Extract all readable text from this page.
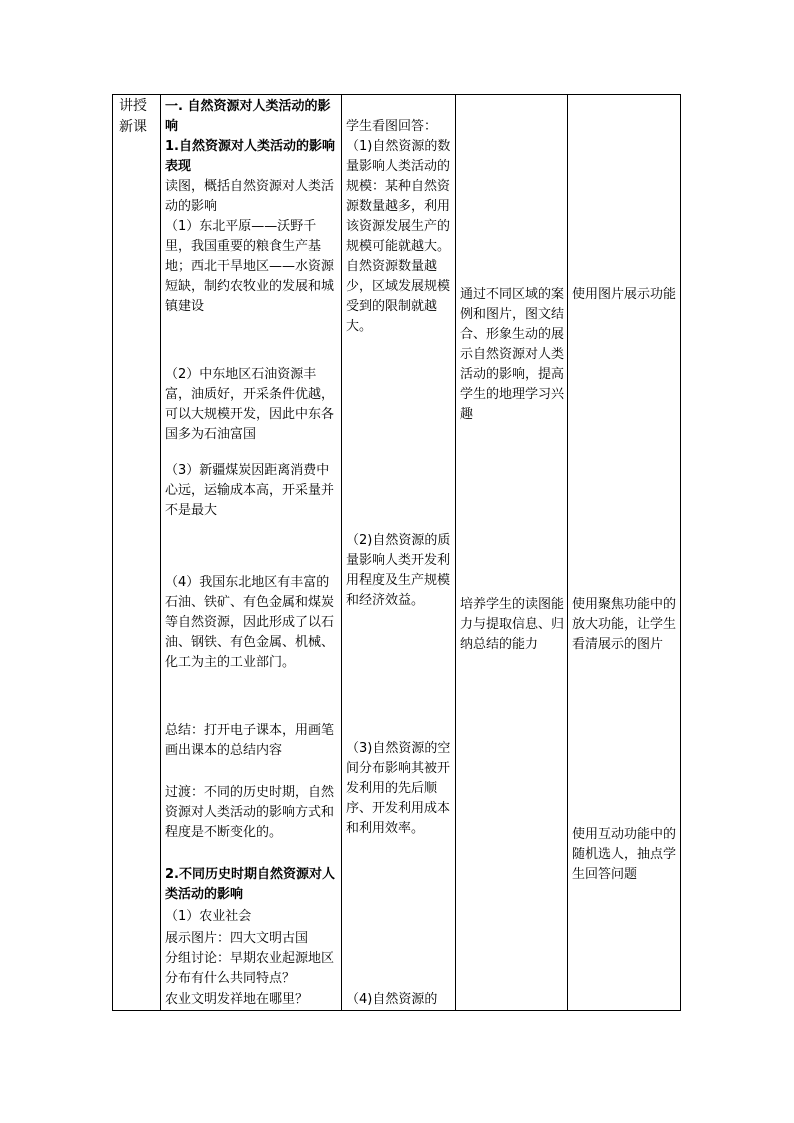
讲授新课
一. 自然资源对人类活动的影响
1.自然资源对人类活动的影响表现
读图，概括自然资源对人类活动的影响
（1）东北平原——沃野千里，我国重要的粮食生产基地；西北干旱地区——水资源短缺，制约农牧业的发展和城镇建设
（2）中东地区石油资源丰富，油质好，开采条件优越，可以大规模开发，因此中东各国多为石油富国
（3）新疆煤炭因距离消费中心远，运输成本高，开采量并不是最大
（4）我国东北地区有丰富的石油、铁矿、有色金属和煤炭等自然资源，因此形成了以石油、钢铁、有色金属、机械、化工为主的工业部门。
总结：打开电子课本，用画笔画出课本的总结内容
过渡：不同的历史时期，自然资源对人类活动的影响方式和程度是不断变化的。
2.不同历史时期自然资源对人类活动的影响
（1）农业社会
展示图片：四大文明古国
分组讨论：早期农业起源地区分布有什么共同特点？
农业文明发祥地在哪里？
学生看图回答：
（1)自然资源的数量影响人类活动的规模：某种自然资源数量越多，利用该资源发展生产的规模可能就越大。自然资源数量越少，区域发展规模受到的限制就越大。
（2)自然资源的质量影响人类开发利用程度及生产规模和经济效益。
（3)自然资源的空间分布影响其被开发利用的先后顺序、开发利用成本和利用效率。
（4)自然资源的
通过不同区域的案例和图片，图文结合、形象生动的展示自然资源对人类活动的影响，提高学生的地理学习兴趣
培养学生的读图能力与提取信息、归纳总结的能力
使用图片展示功能
使用聚焦功能中的放大功能，让学生看清展示的图片
使用互动功能中的随机选人，抽点学生回答问题
